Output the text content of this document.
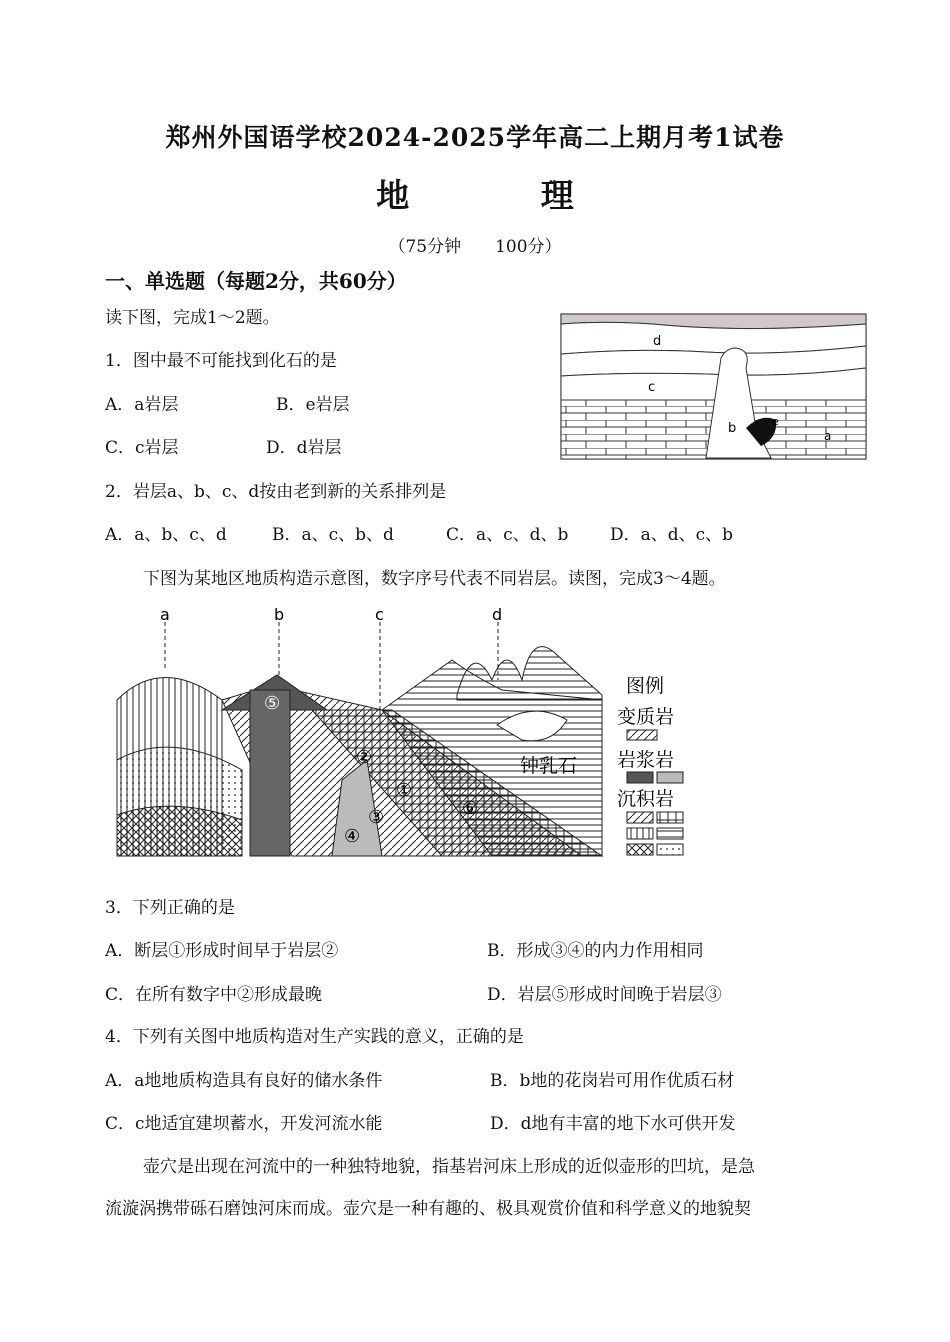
郑州外国语学校2024-2025学年高二上期月考1试卷
地 理
（75分钟　　100分）
一、单选题（每题2分，共60分）
读下图，完成1～2题。
1．图中最不可能找到化石的是
A．a岩层	B．e岩层
C．c岩层	D．d岩层
2．岩层a、b、c、d按由老到新的关系排列是
A．a、b、c、d	B．a、c、b、d	C．a、c、d、b D．a、d、c、b
d
c
b	e
a
下图为某地区地质构造示意图，数字序号代表不同岩层。读图，完成3～4题。
a	b	c	d
⑤
②
①
③
④
⑥
钟乳石
图例
变质岩
岩浆岩
沉积岩
3．下列正确的是
A．断层①形成时间早于岩层②	B．形成③④的内力作用相同
C．在所有数字中②形成最晚	D．岩层⑤形成时间晚于岩层③
4．下列有关图中地质构造对生产实践的意义，正确的是
A．a地地质构造具有良好的储水条件	B．b地的花岗岩可用作优质石材
C．c地适宜建坝蓄水，开发河流水能	D．d地有丰富的地下水可供开发
壶穴是出现在河流中的一种独特地貌，指基岩河床上形成的近似壶形的凹坑，是急
流漩涡携带砾石磨蚀河床而成。壶穴是一种有趣的、极具观赏价值和科学意义的地貌契
